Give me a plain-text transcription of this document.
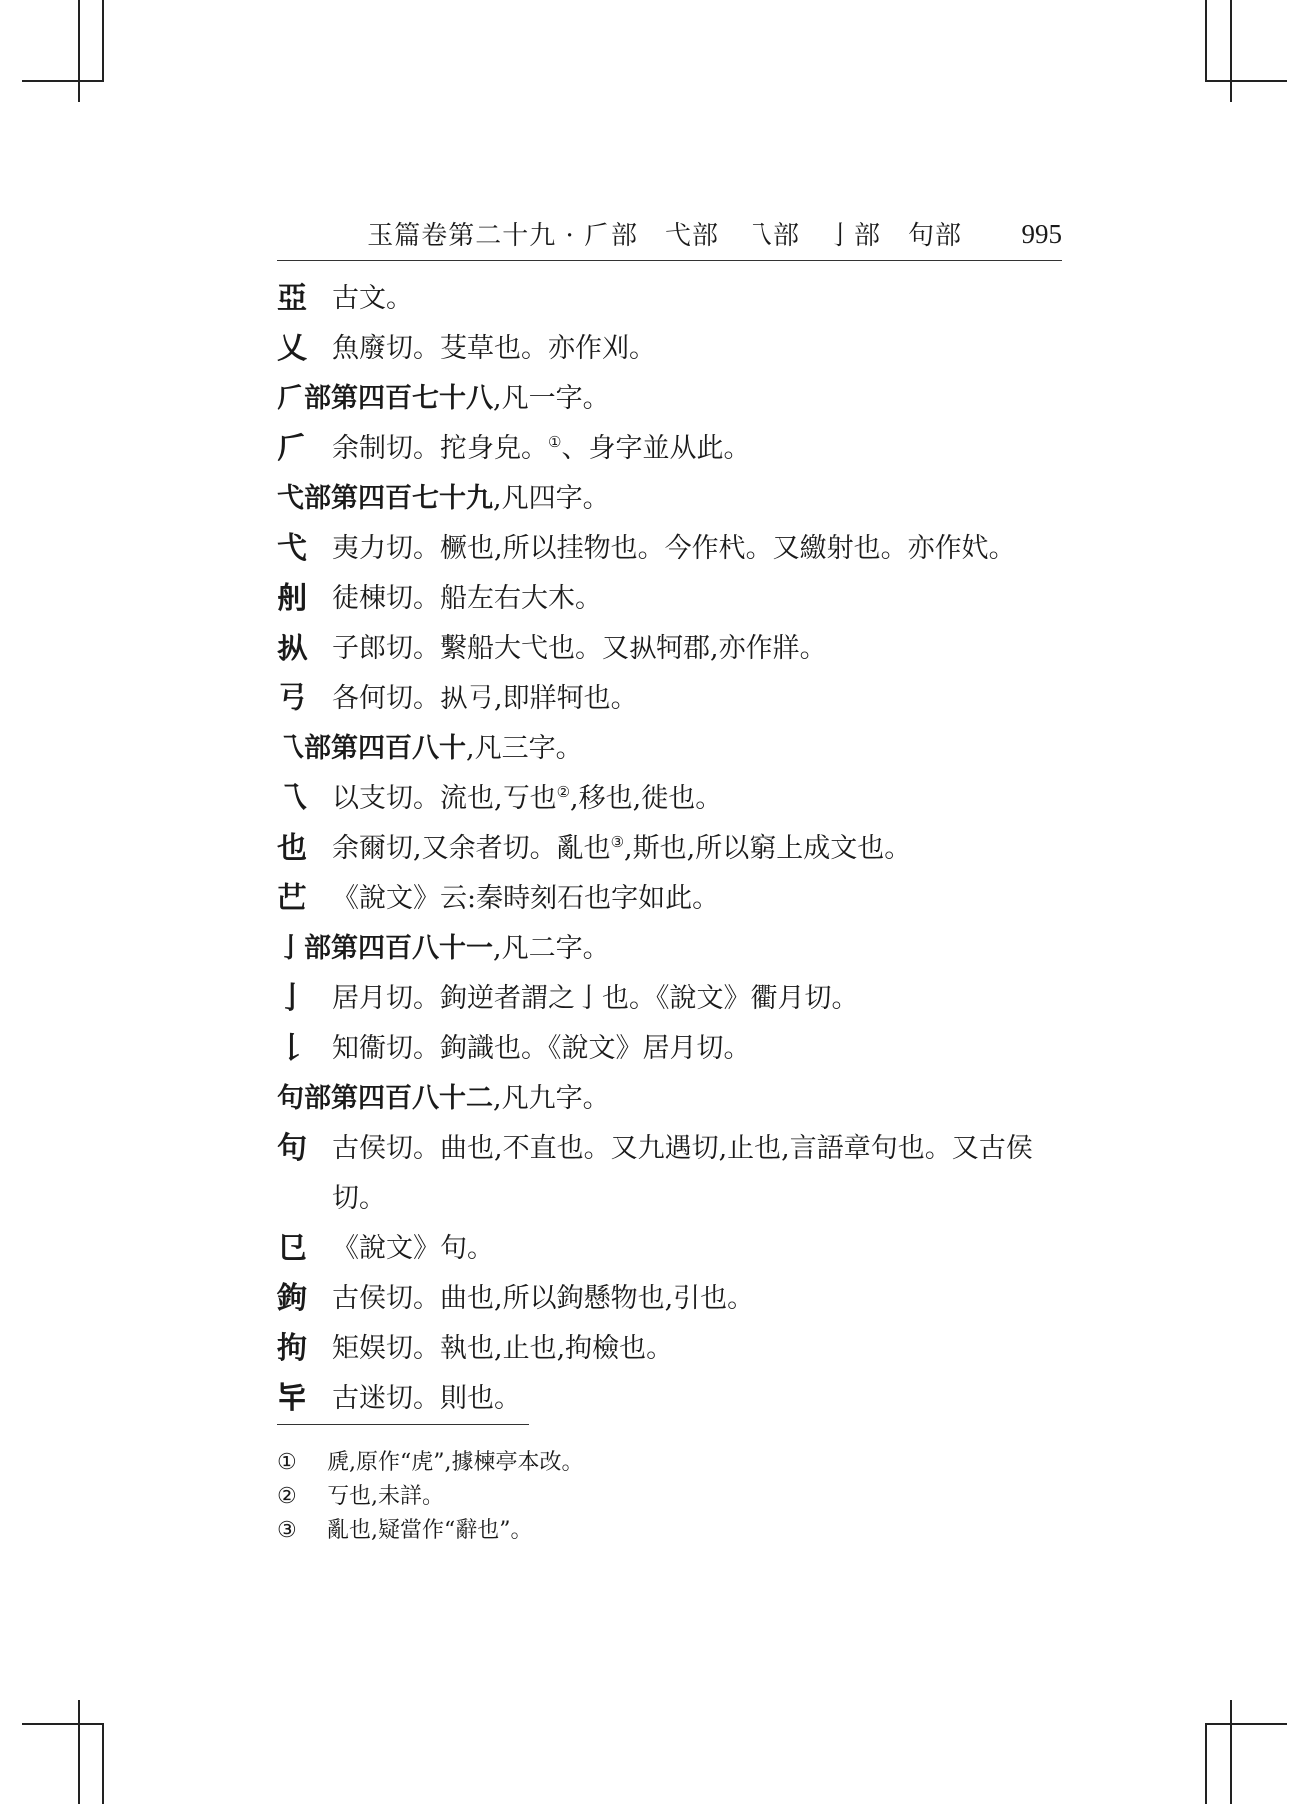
玉篇卷第二十九 · 𠂆部　弋部　乁部　亅部　句部 995
亞 古文。
乂 魚廢切。芟草也。亦作刈。
𠂆部第四百七十八,凡一字。
𠂆 余制切。拕身皃。①、身字並从此。
弋部第四百七十九,凡四字。
弋 夷力切。橛也,所以挂物也。今作杙。又繳射也。亦作㚤。
𦨉 徒棟切。船左右大木。
𪭢 子郎切。繫船大弋也。又𪭢牱郡,亦作牂。
𢎗 各何切。𪭢𢎗,即牂牱也。
乁部第四百八十,凡三字。
乁 以支切。流也,丂也②,移也,徙也。
也 余爾切,又余者切。亂也③,斯也,所以窮上成文也。
𠃟 《說文》云:秦時刻石也字如此。
亅部第四百八十一,凡二字。
亅 居月切。鉤逆者謂之亅也。《說文》衢月切。
𠄌 知衞切。鉤識也。《說文》居月切。
句部第四百八十二,凡九字。
句 古侯切。曲也,不直也。又九遇切,止也,言語章句也。又古侯切。
㔾 《說文》句。
鉤 古侯切。曲也,所以鉤懸物也,引也。
拘 矩娱切。執也,止也,拘檢也。
𠤏 古迷切。則也。
① 虒,原作“虎”,據楝亭本改。
② 丂也,未詳。
③ 亂也,疑當作“辭也”。
